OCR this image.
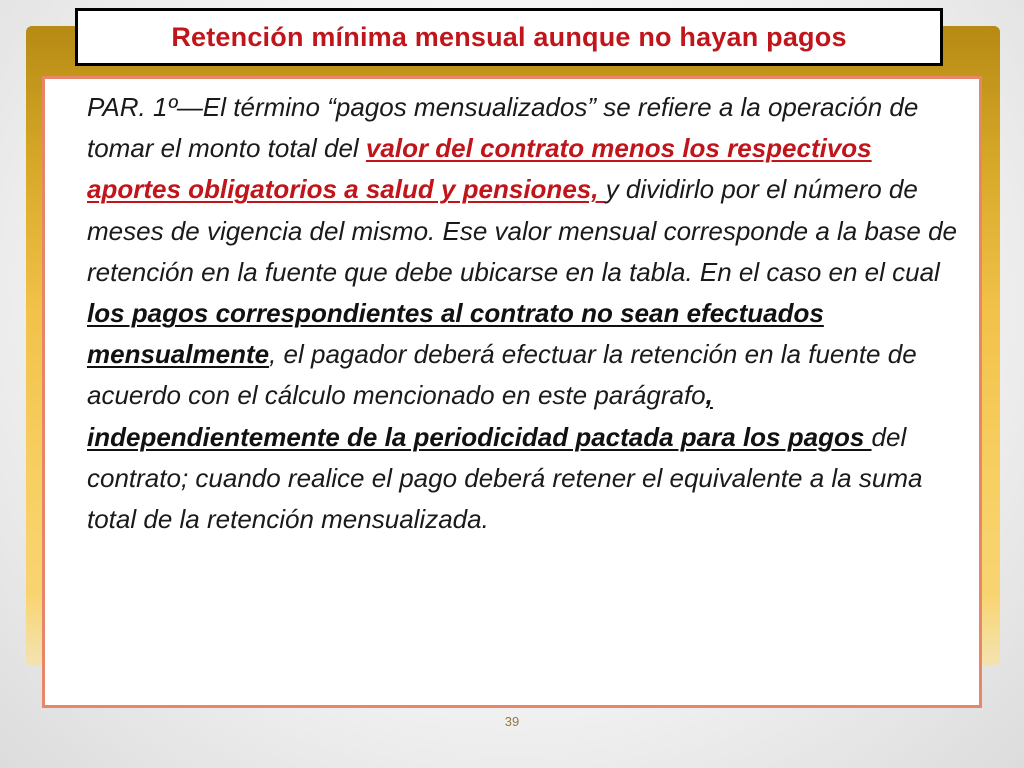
Retención mínima mensual aunque no hayan pagos

PAR. 1º—El término “pagos mensualizados” se refiere a la operación de tomar el monto total del valor del contrato menos los respectivos aportes obligatorios a salud y pensiones, y dividirlo por el número de meses de vigencia del mismo. Ese valor mensual corresponde a la base de retención en la fuente que debe ubicarse en la tabla. En el caso en el cual los pagos correspondientes al contrato no sean efectuados mensualmente, el pagador deberá efectuar la retención en la fuente de acuerdo con el cálculo mencionado en este parágrafo, independientemente de la periodicidad pactada para los pagos del contrato; cuando realice el pago deberá retener el equivalente a la suma total de la retención mensualizada.

39
